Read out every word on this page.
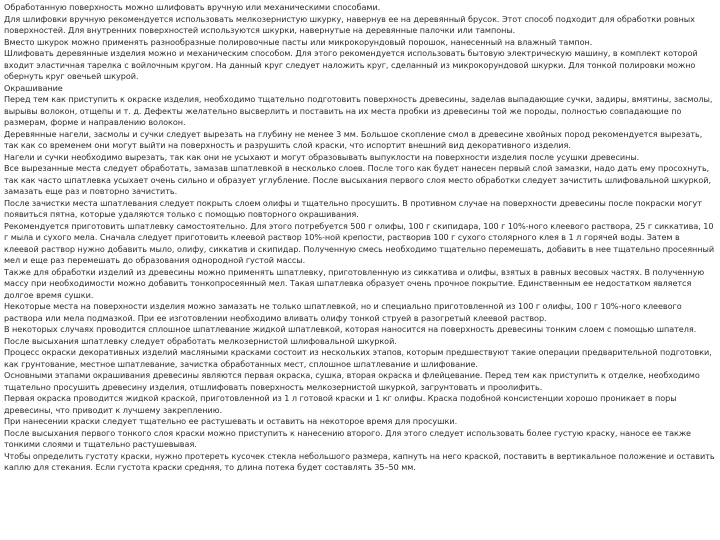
Обработанную поверхность можно шлифовать вручную или механическими способами.

Для шлифовки вручную рекомендуется использовать мелкозернистую шкурку, навернув ее на деревянный брусок. Этот способ подходит для обработки ровных поверхностей. Для внутренних поверхностей используются шкурки, навернутые на деревянные палочки или тампоны.

Вместо шкурок можно применять разнообразные полировочные пасты или микрокорундовый порошок, нанесенный на влажный тампон.

Шлифовать деревянные изделия можно и механическим способом. Для этого рекомендуется использовать бытовую электрическую машину, в комплект которой входит эластичная тарелка с войлочным кругом. На данный круг следует наложить круг, сделанный из микрокорундовой шкурки. Для тонкой полировки можно обернуть круг овечьей шкурой.

Окрашивание

Перед тем как приступить к окраске изделия, необходимо тщательно подготовить поверхность древесины, заделав выпадающие сучки, задиры, вмятины, засмолы, вырывы волокон, отщепы и т. д. Дефекты желательно высверлить и поставить на их места пробки из древесины той же породы, полностью совпадающие по размерам, форме и направлению волокон.

Деревянные нагели, засмолы и сучки следует вырезать на глубину не менее 3 мм. Большое скопление смол в древесине хвойных пород рекомендуется вырезать, так как со временем они могут выйти на поверхность и разрушить слой краски, что испортит внешний вид декоративного изделия.

Нагели и сучки необходимо вырезать, так как они не усыхают и могут образовывать выпуклости на поверхности изделия после усушки древесины.

Все вырезанные места следует обработать, замазав шпатлевкой в несколько слоев. После того как будет нанесен первый слой замазки, надо дать ему просохнуть, так как часто шпатлевка усыхает очень сильно и образует углубление. После высыхания первого слоя место обработки следует зачистить шлифовальной шкуркой, замазать еще раз и повторно зачистить.

После зачистки места шпатлевания следует покрыть слоем олифы и тщательно просушить. В противном случае на поверхности древесины после покраски могут появиться пятна, которые удаляются только с помощью повторного окрашивания.

Рекомендуется приготовить шпатлевку самостоятельно. Для этого потребуется 500 г олифы, 100 г скипидара, 100 г 10%-ного клеевого раствора, 25 г сиккатива, 10 г мыла и сухого мела. Сначала следует приготовить клеевой раствор 10%-ной крепости, растворив 100 г сухого столярного клея в 1 л горячей воды. Затем в клеевой раствор нужно добавить мыло, олифу, сиккатив и скипидар. Полученную смесь необходимо тщательно перемешать, добавить в нее тщательно просеянный мел и еще раз перемешать до образования однородной густой массы.

Также для обработки изделий из древесины можно применять шпатлевку, приготовленную из сиккатива и олифы, взятых в равных весовых частях. В полученную массу при необходимости можно добавить тонкопросеянный мел. Такая шпатлевка образует очень прочное покрытие. Единственным ее недостатком является долгое время сушки.

Некоторые места на поверхности изделия можно замазать не только шпатлевкой, но и специально приготовленной из 100 г олифы, 100 г 10%-ного клеевого раствора или мела подмазкой. При ее изготовлении необходимо вливать олифу тонкой струей в разогретый клеевой раствор.

В некоторых случаях проводится сплошное шпатлевание жидкой шпатлевкой, которая наносится на поверхность древесины тонким слоем с помощью шпателя. После высыхания шпатлевку следует обработать мелкозернистой шлифовальной шкуркой.

Процесс окраски декоративных изделий масляными красками состоит из нескольких этапов, которым предшествуют такие операции предварительной подготовки, как грунтование, местное шпатлевание, зачистка обработанных мест, сплошное шпатлевание и шлифование.

Основными этапами окрашивания древесины являются первая окраска, сушка, вторая окраска и флейцевание. Перед тем как приступить к отделке, необходимо тщательно просушить древесину изделия, отшлифовать поверхность мелкозернистой шкуркой, загрунтовать и проолифить.

Первая окраска проводится жидкой краской, приготовленной из 1 л готовой краски и 1 кг олифы. Краска подобной консистенции хорошо проникает в поры древесины, что приводит к лучшему закреплению.

При нанесении краски следует тщательно ее растушевать и оставить на некоторое время для просушки.

После высыхания первого тонкого слоя краски можно приступить к нанесению второго. Для этого следует использовать более густую краску, наносе ее также тонкими слоями и тщательно растушевывая.

Чтобы определить густоту краски, нужно протереть кусочек стекла небольшого размера, капнуть на него краской, поставить в вертикальное положение и оставить каплю для стекания. Если густота краски средняя, то длина потека будет составлять 35–50 мм.
